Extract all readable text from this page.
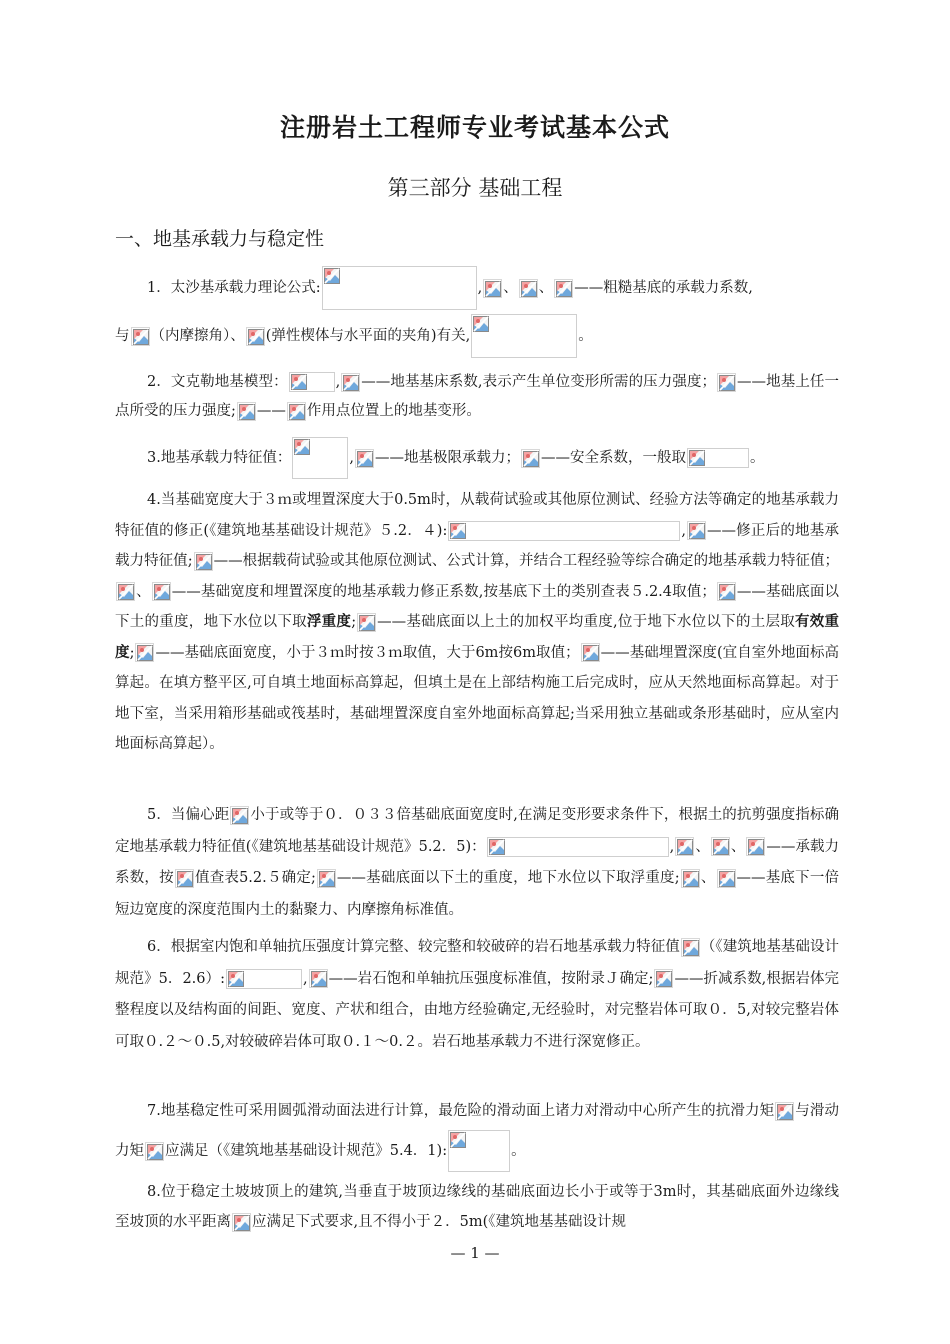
注册岩土工程师专业考试基本公式
第三部分 基础工程
一、地基承载力与稳定性

1．太沙基承载力理论公式:	, 、 、 ——粗糙基底的承载力系数,
与 （内摩擦角）、 (弹性楔体与水平面的夹角)有关,	。

2．文克勒地基模型：	, ——地基基床系数,表示产生单位变形所需的压力强度； ——地基上任一点所受的压力强度; —— 作用点位置上的地基变形。

3.地基承载力特征值：	, ——地基极限承载力； ——安全系数，一般取	。

4.当基础宽度大于３ｍ或埋置深度大于0.5m时，从载荷试验或其他原位测试、经验方法等确定的地基承载力特征值的修正(《建筑地基基础设计规范》５.2．４):	, ——修正后的地基承载力特征值; ——根据载荷试验或其他原位测试、公式计算，并结合工程经验等综合确定的地基承载力特征值；
、 ——基础宽度和埋置深度的地基承载力修正系数,按基底下土的类别查表５.2.4取值； ——基础底面以下土的重度，地下水位以下取浮重度; ——基础底面以上土的加权平均重度,位于地下水位以下的土层取有效重度; ——基础底面宽度，小于３ｍ时按３ｍ取值，大于6m按6m取值； ——基础埋置深度(宜自室外地面标高算起。在填方整平区,可自填土地面标高算起，但填土是在上部结构施工后完成时，应从天然地面标高算起。对于地下室，当采用箱形基础或筏基时，基础埋置深度自室外地面标高算起;当采用独立基础或条形基础时，应从室内地面标高算起）。

5．当偏心距 小于或等于０．０３３倍基础底面宽度时,在满足变形要求条件下，根据土的抗剪强度指标确定地基承载力特征值(《建筑地基基础设计规范》5.2．5)：	, 、 、 ——承载力系数，按 值查表5.2.５确定; ——基础底面以下土的重度，地下水位以下取浮重度; 、 ——基底下一倍短边宽度的深度范围内土的黏聚力、内摩擦角标准值。

6．根据室内饱和单轴抗压强度计算完整、较完整和较破碎的岩石地基承载力特征值 （《建筑地基基础设计规范》5．2.6）:	, ——岩石饱和单轴抗压强度标准值，按附录Ｊ确定; ——折减系数,根据岩体完整程度以及结构面的间距、宽度、产状和组合，由地方经验确定,无经验时，对完整岩体可取０．5,对较完整岩体可取０.２～０.5,对较破碎岩体可取０.１～0.２。岩石地基承载力不进行深宽修正。

7.地基稳定性可采用圆弧滑动面法进行计算，最危险的滑动面上诸力对滑动中心所产生的抗滑力矩 与滑动力矩 应满足（《建筑地基基础设计规范》5.4．1):	。

8.位于稳定土坡坡顶上的建筑,当垂直于坡顶边缘线的基础底面边长小于或等于3m时，其基础底面外边缘线至坡顶的水平距离 应满足下式要求,且不得小于２．5m(《建筑地基基础设计规

— 1 —
